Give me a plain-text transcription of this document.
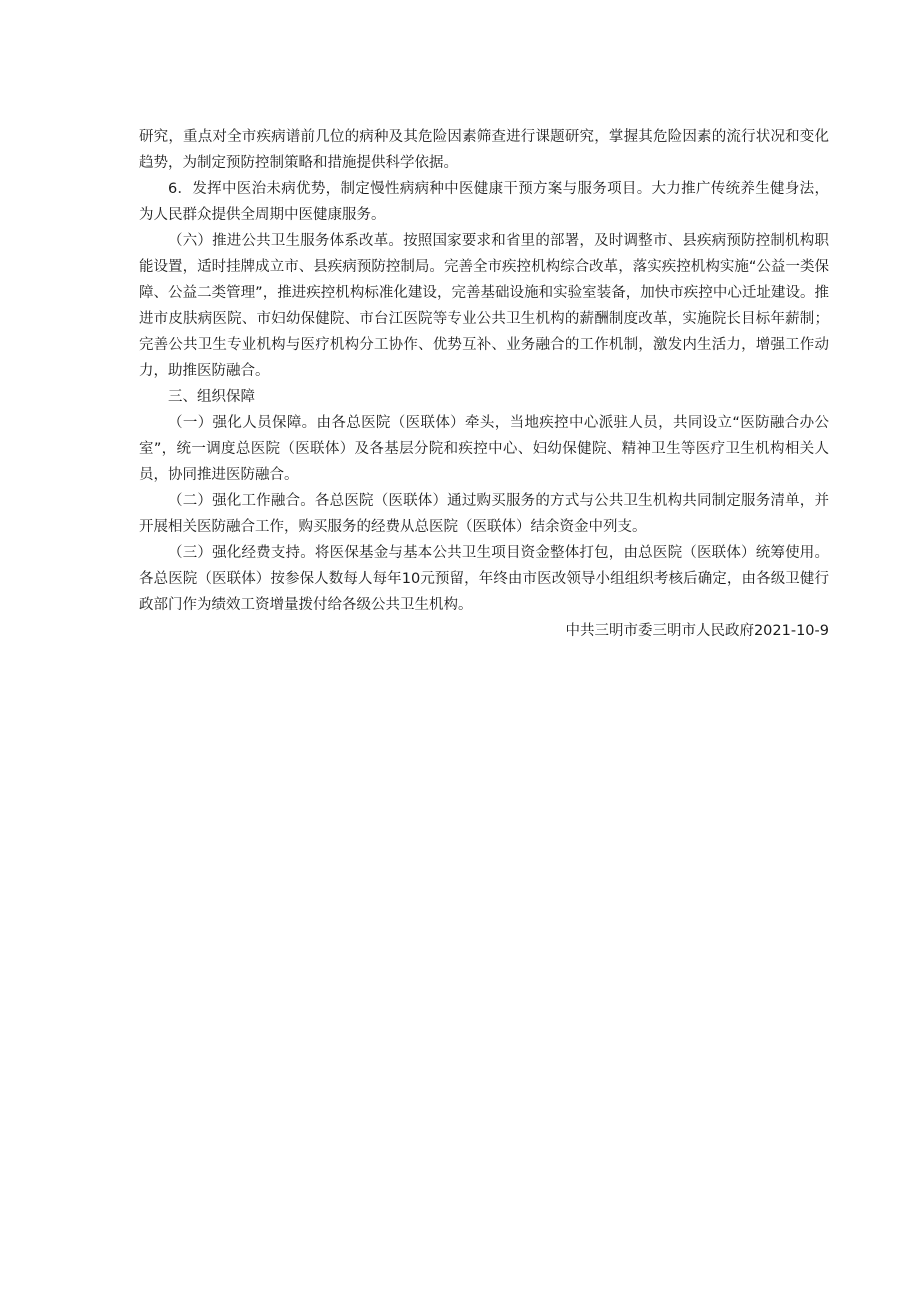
研究，重点对全市疾病谱前几位的病种及其危险因素筛查进行课题研究，掌握其危险因素的流行状况和变化趋势，为制定预防控制策略和措施提供科学依据。

6．发挥中医治未病优势，制定慢性病病种中医健康干预方案与服务项目。大力推广传统养生健身法，为人民群众提供全周期中医健康服务。

（六）推进公共卫生服务体系改革。按照国家要求和省里的部署，及时调整市、县疾病预防控制机构职能设置，适时挂牌成立市、县疾病预防控制局。完善全市疾控机构综合改革，落实疾控机构实施“公益一类保障、公益二类管理”，推进疾控机构标准化建设，完善基础设施和实验室装备，加快市疾控中心迁址建设。推进市皮肤病医院、市妇幼保健院、市台江医院等专业公共卫生机构的薪酬制度改革，实施院长目标年薪制；完善公共卫生专业机构与医疗机构分工协作、优势互补、业务融合的工作机制，激发内生活力，增强工作动力，助推医防融合。

三、组织保障

（一）强化人员保障。由各总医院（医联体）牵头，当地疾控中心派驻人员，共同设立“医防融合办公室”，统一调度总医院（医联体）及各基层分院和疾控中心、妇幼保健院、精神卫生等医疗卫生机构相关人员，协同推进医防融合。

（二）强化工作融合。各总医院（医联体）通过购买服务的方式与公共卫生机构共同制定服务清单，并开展相关医防融合工作，购买服务的经费从总医院（医联体）结余资金中列支。

（三）强化经费支持。将医保基金与基本公共卫生项目资金整体打包，由总医院（医联体）统筹使用。各总医院（医联体）按参保人数每人每年10元预留，年终由市医改领导小组组织考核后确定，由各级卫健行政部门作为绩效工资增量拨付给各级公共卫生机构。

中共三明市委三明市人民政府2021-10-9
